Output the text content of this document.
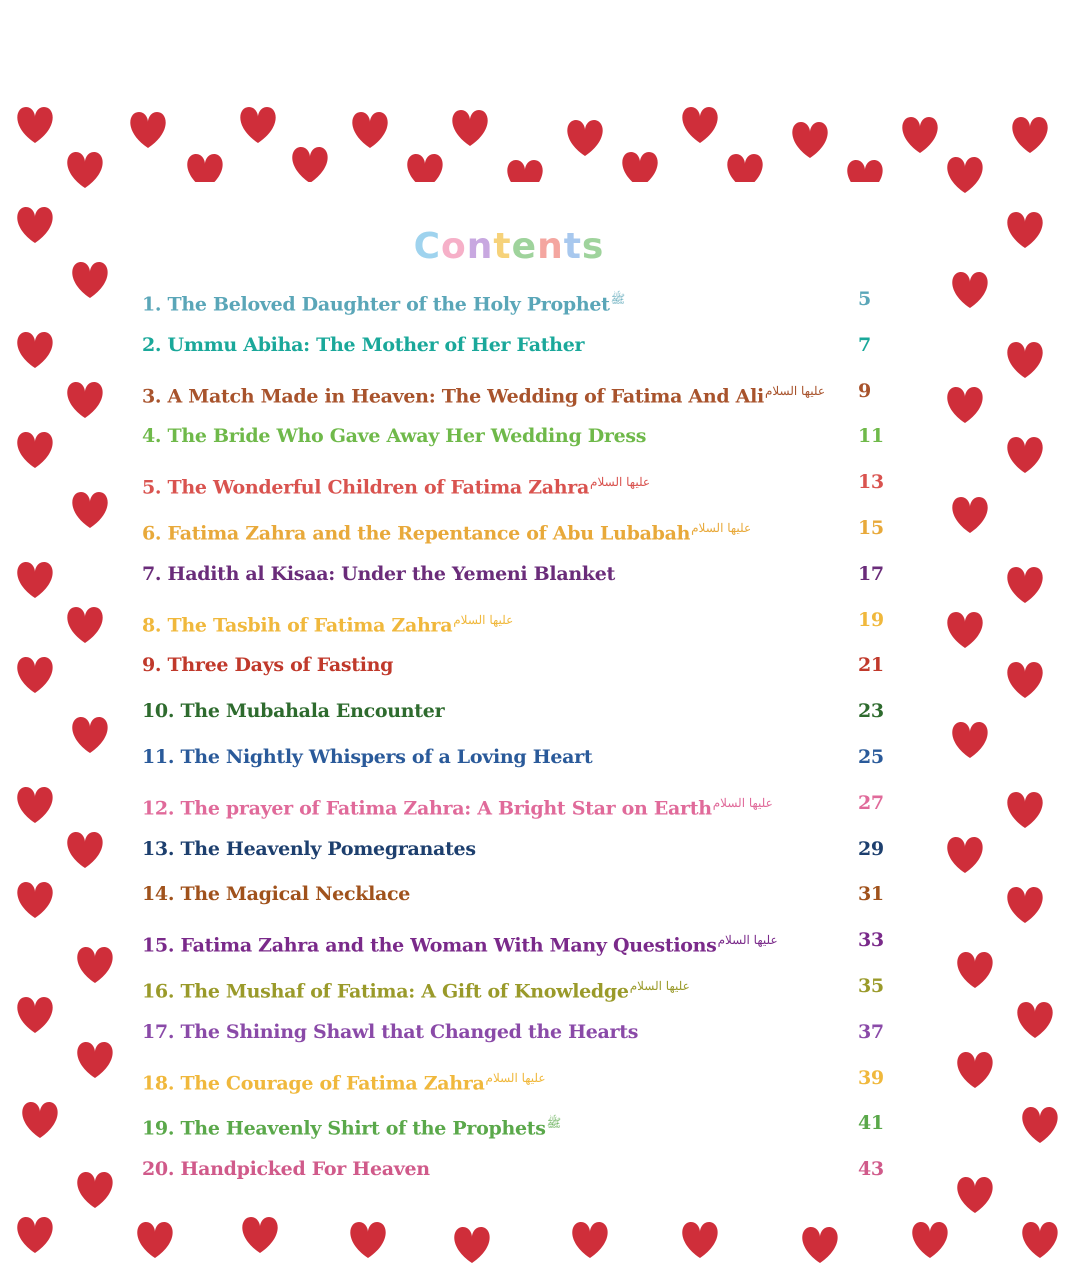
Contents
1. The Beloved Daughter of the Holy Prophet$^ﷺ$	5
2. Ummu Abiha: The Mother of Her Father	7
3. A Match Made in Heaven: The Wedding of Fatima And Ali$^{عليها السلام}$ 9
4. The Bride Who Gave Away Her Wedding Dress	11
5. The Wonderful Children of Fatima Zahra$^{عليها السلام}$	13
6. Fatima Zahra and the Repentance of Abu Lubabah$^{عليها السلام}$	15
7. Hadith al Kisaa: Under the Yemeni Blanket	17
8. The Tasbih of Fatima Zahra$^{عليها السلام}$	19
9. Three Days of Fasting	21
10. The Mubahala Encounter	23
11. The Nightly Whispers of a Loving Heart	25
12. The prayer of Fatima Zahra: A Bright Star on Earth$^{عليها السلام}$	27
13. The Heavenly Pomegranates	29
14. The Magical Necklace	31
15. Fatima Zahra and the Woman With Many Questions$^{عليها السلام}$	33
16. The Mushaf of Fatima: A Gift of Knowledge$^{عليها السلام}$	35
17. The Shining Shawl that Changed the Hearts	37
18. The Courage of Fatima Zahra$^{عليها السلام}$	39
19. The Heavenly Shirt of the Prophets$^ﷺ$	41
20. Handpicked For Heaven	43
